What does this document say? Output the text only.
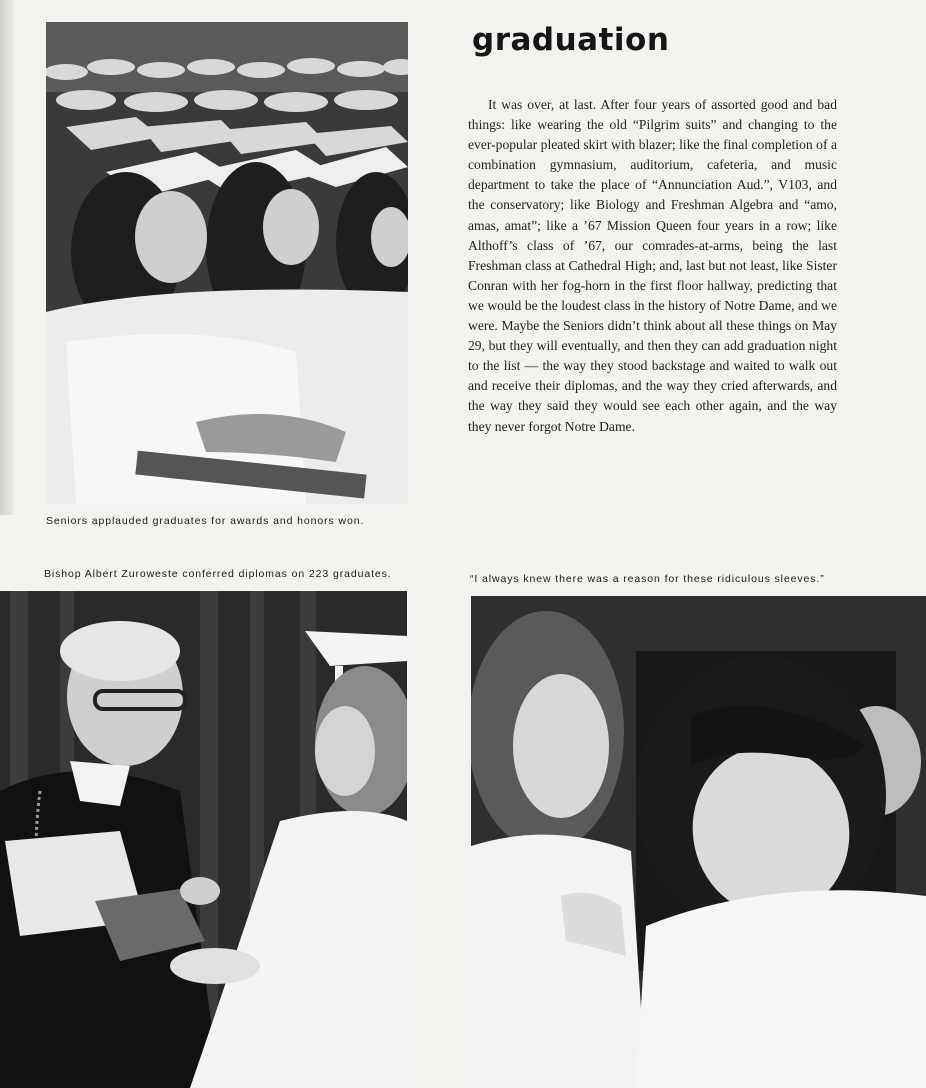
Seniors applauded graduates for awards and honors won.

graduation

It was over, at last. After four years of assorted good and bad things: like wearing the old “Pilgrim suits” and changing to the ever-popular pleated skirt with blazer; like the final completion of a combination gymnasium, auditorium, cafeteria, and music department to take the place of “Annunciation Aud.”, V103, and the conservatory; like Biology and Freshman Algebra and “amo, amas, amat”; like a ’67 Mission Queen four years in a row; like Althoff’s class of ’67, our comrades-at-arms, being the last Freshman class at Cathedral High; and, last but not least, like Sister Conran with her fog-horn in the first floor hallway, predicting that we would be the loudest class in the history of Notre Dame, and we were. Maybe the Seniors didn’t think about all these things on May 29, but they will eventually, and then they can add graduation night to the list — the way they stood backstage and waited to walk out and receive their diplomas, and the way they cried afterwards, and the way they said they would see each other again, and the way they never forgot Notre Dame.

Bishop Albert Zuroweste conferred diplomas on 223 graduates.	“I always knew there was a reason for these ridiculous sleeves.”
